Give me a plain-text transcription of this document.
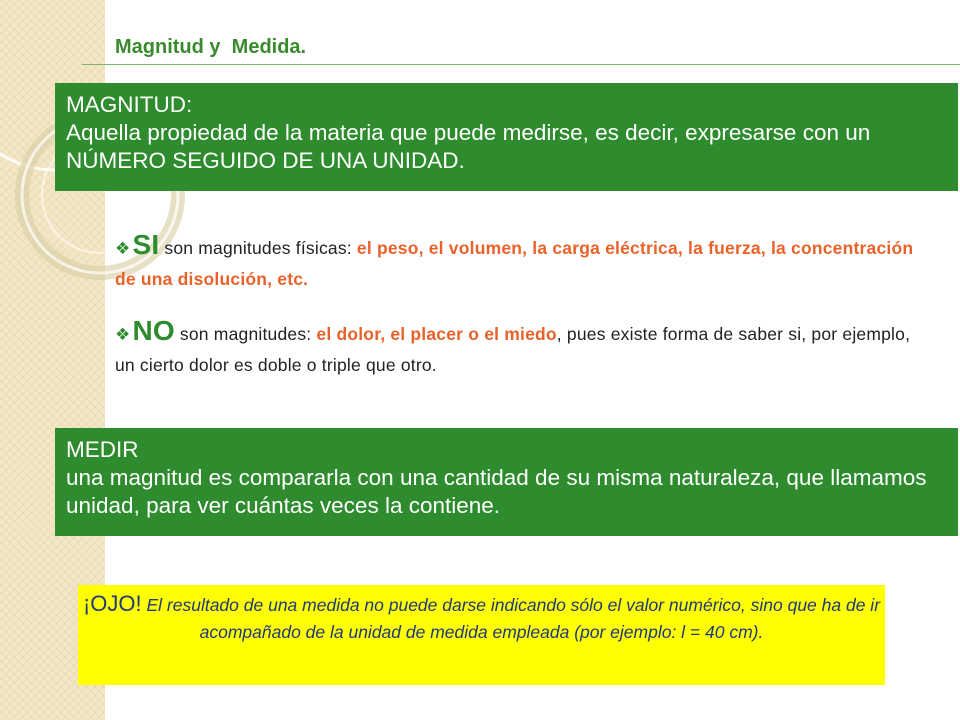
Magnitud y  Medida.
MAGNITUD:
Aquella propiedad de la materia que puede medirse, es decir, expresarse con un NÚMERO SEGUIDO DE UNA UNIDAD.
❖SI son magnitudes físicas: el peso, el volumen, la carga eléctrica, la fuerza, la concentración de una disolución, etc.
❖NO son magnitudes: el dolor, el placer o el miedo, pues existe forma de saber si, por ejemplo, un cierto dolor es doble o triple que otro.
MEDIR
una magnitud es compararla con una cantidad de su misma naturaleza, que llamamos unidad, para ver cuántas veces la contiene.
¡OJO! El resultado de una medida no puede darse indicando sólo el valor numérico, sino que ha de ir acompañado de la unidad de medida empleada (por ejemplo: l = 40 cm).
